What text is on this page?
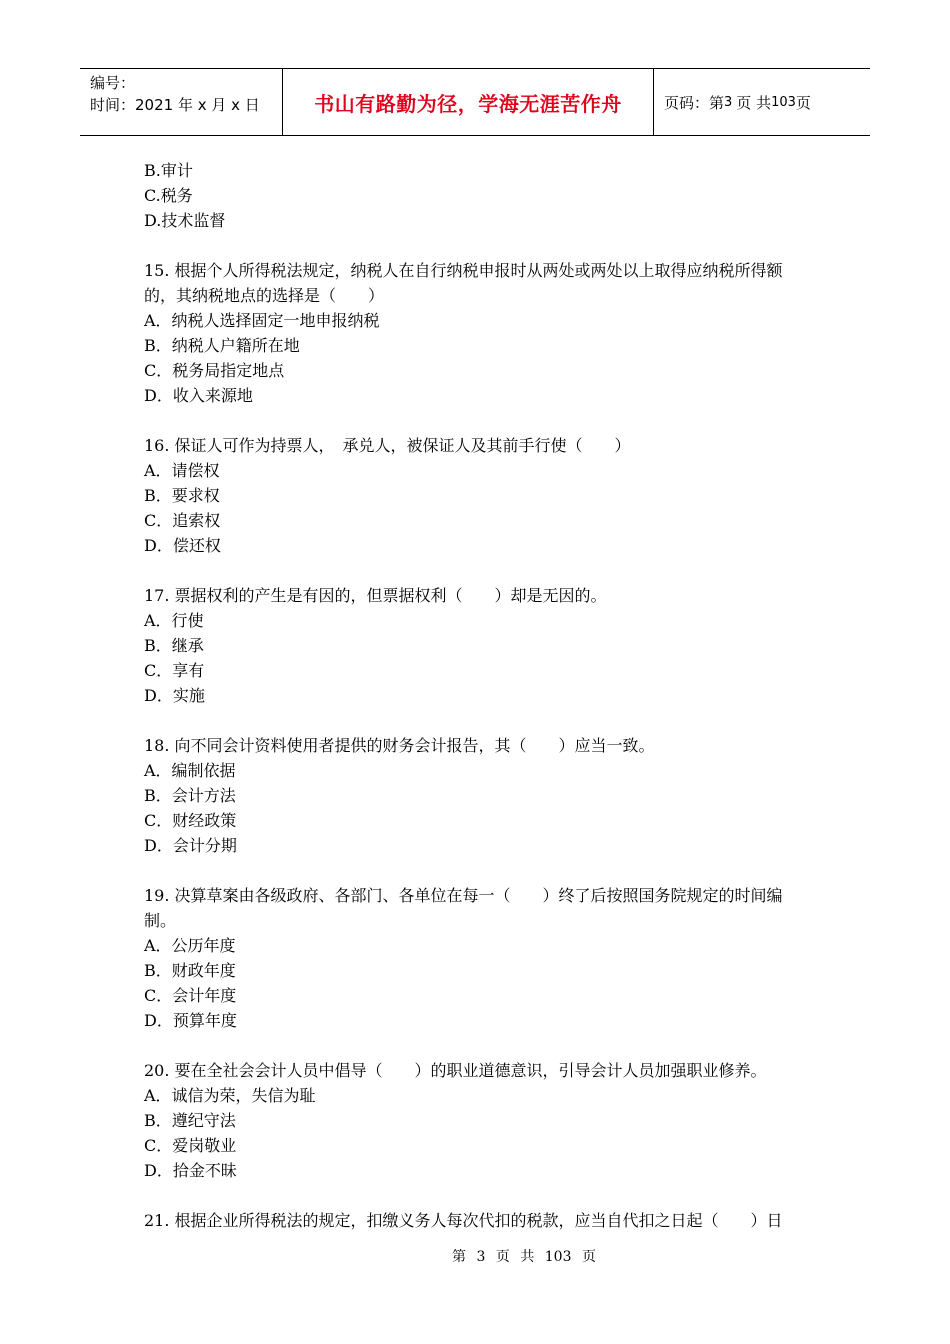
编号：
时间：2021 年 x 月 x 日	书山有路勤为径，学海无涯苦作舟	页码：第 3 页 共 103 页

B.审计

C.税务

D.技术监督

15. 根据个人所得税法规定，纳税人在自行纳税申报时从两处或两处以上取得应纳税所得额

的，其纳税地点的选择是（　　）

A．纳税人选择固定一地申报纳税

B．纳税人户籍所在地

C．税务局指定地点

D．收入来源地

16. 保证人可作为持票人，　承兑人，被保证人及其前手行使（　　）

A．请偿权

B．要求权

C．追索权

D．偿还权

17. 票据权利的产生是有因的，但票据权利（　　）却是无因的。

A．行使

B．继承

C．享有

D．实施

18. 向不同会计资料使用者提供的财务会计报告，其（　　）应当一致。

A．编制依据

B．会计方法

C．财经政策

D．会计分期

19. 决算草案由各级政府、各部门、各单位在每一（　　）终了后按照国务院规定的时间编

制。

A．公历年度

B．财政年度

C．会计年度

D．预算年度

20. 要在全社会会计人员中倡导（　　）的职业道德意识，引导会计人员加强职业修养。

A．诚信为荣，失信为耻

B．遵纪守法

C．爱岗敬业

D．拾金不昧

21. 根据企业所得税法的规定，扣缴义务人每次代扣的税款，应当自代扣之日起（　　）日

第 3 页 共 103 页
